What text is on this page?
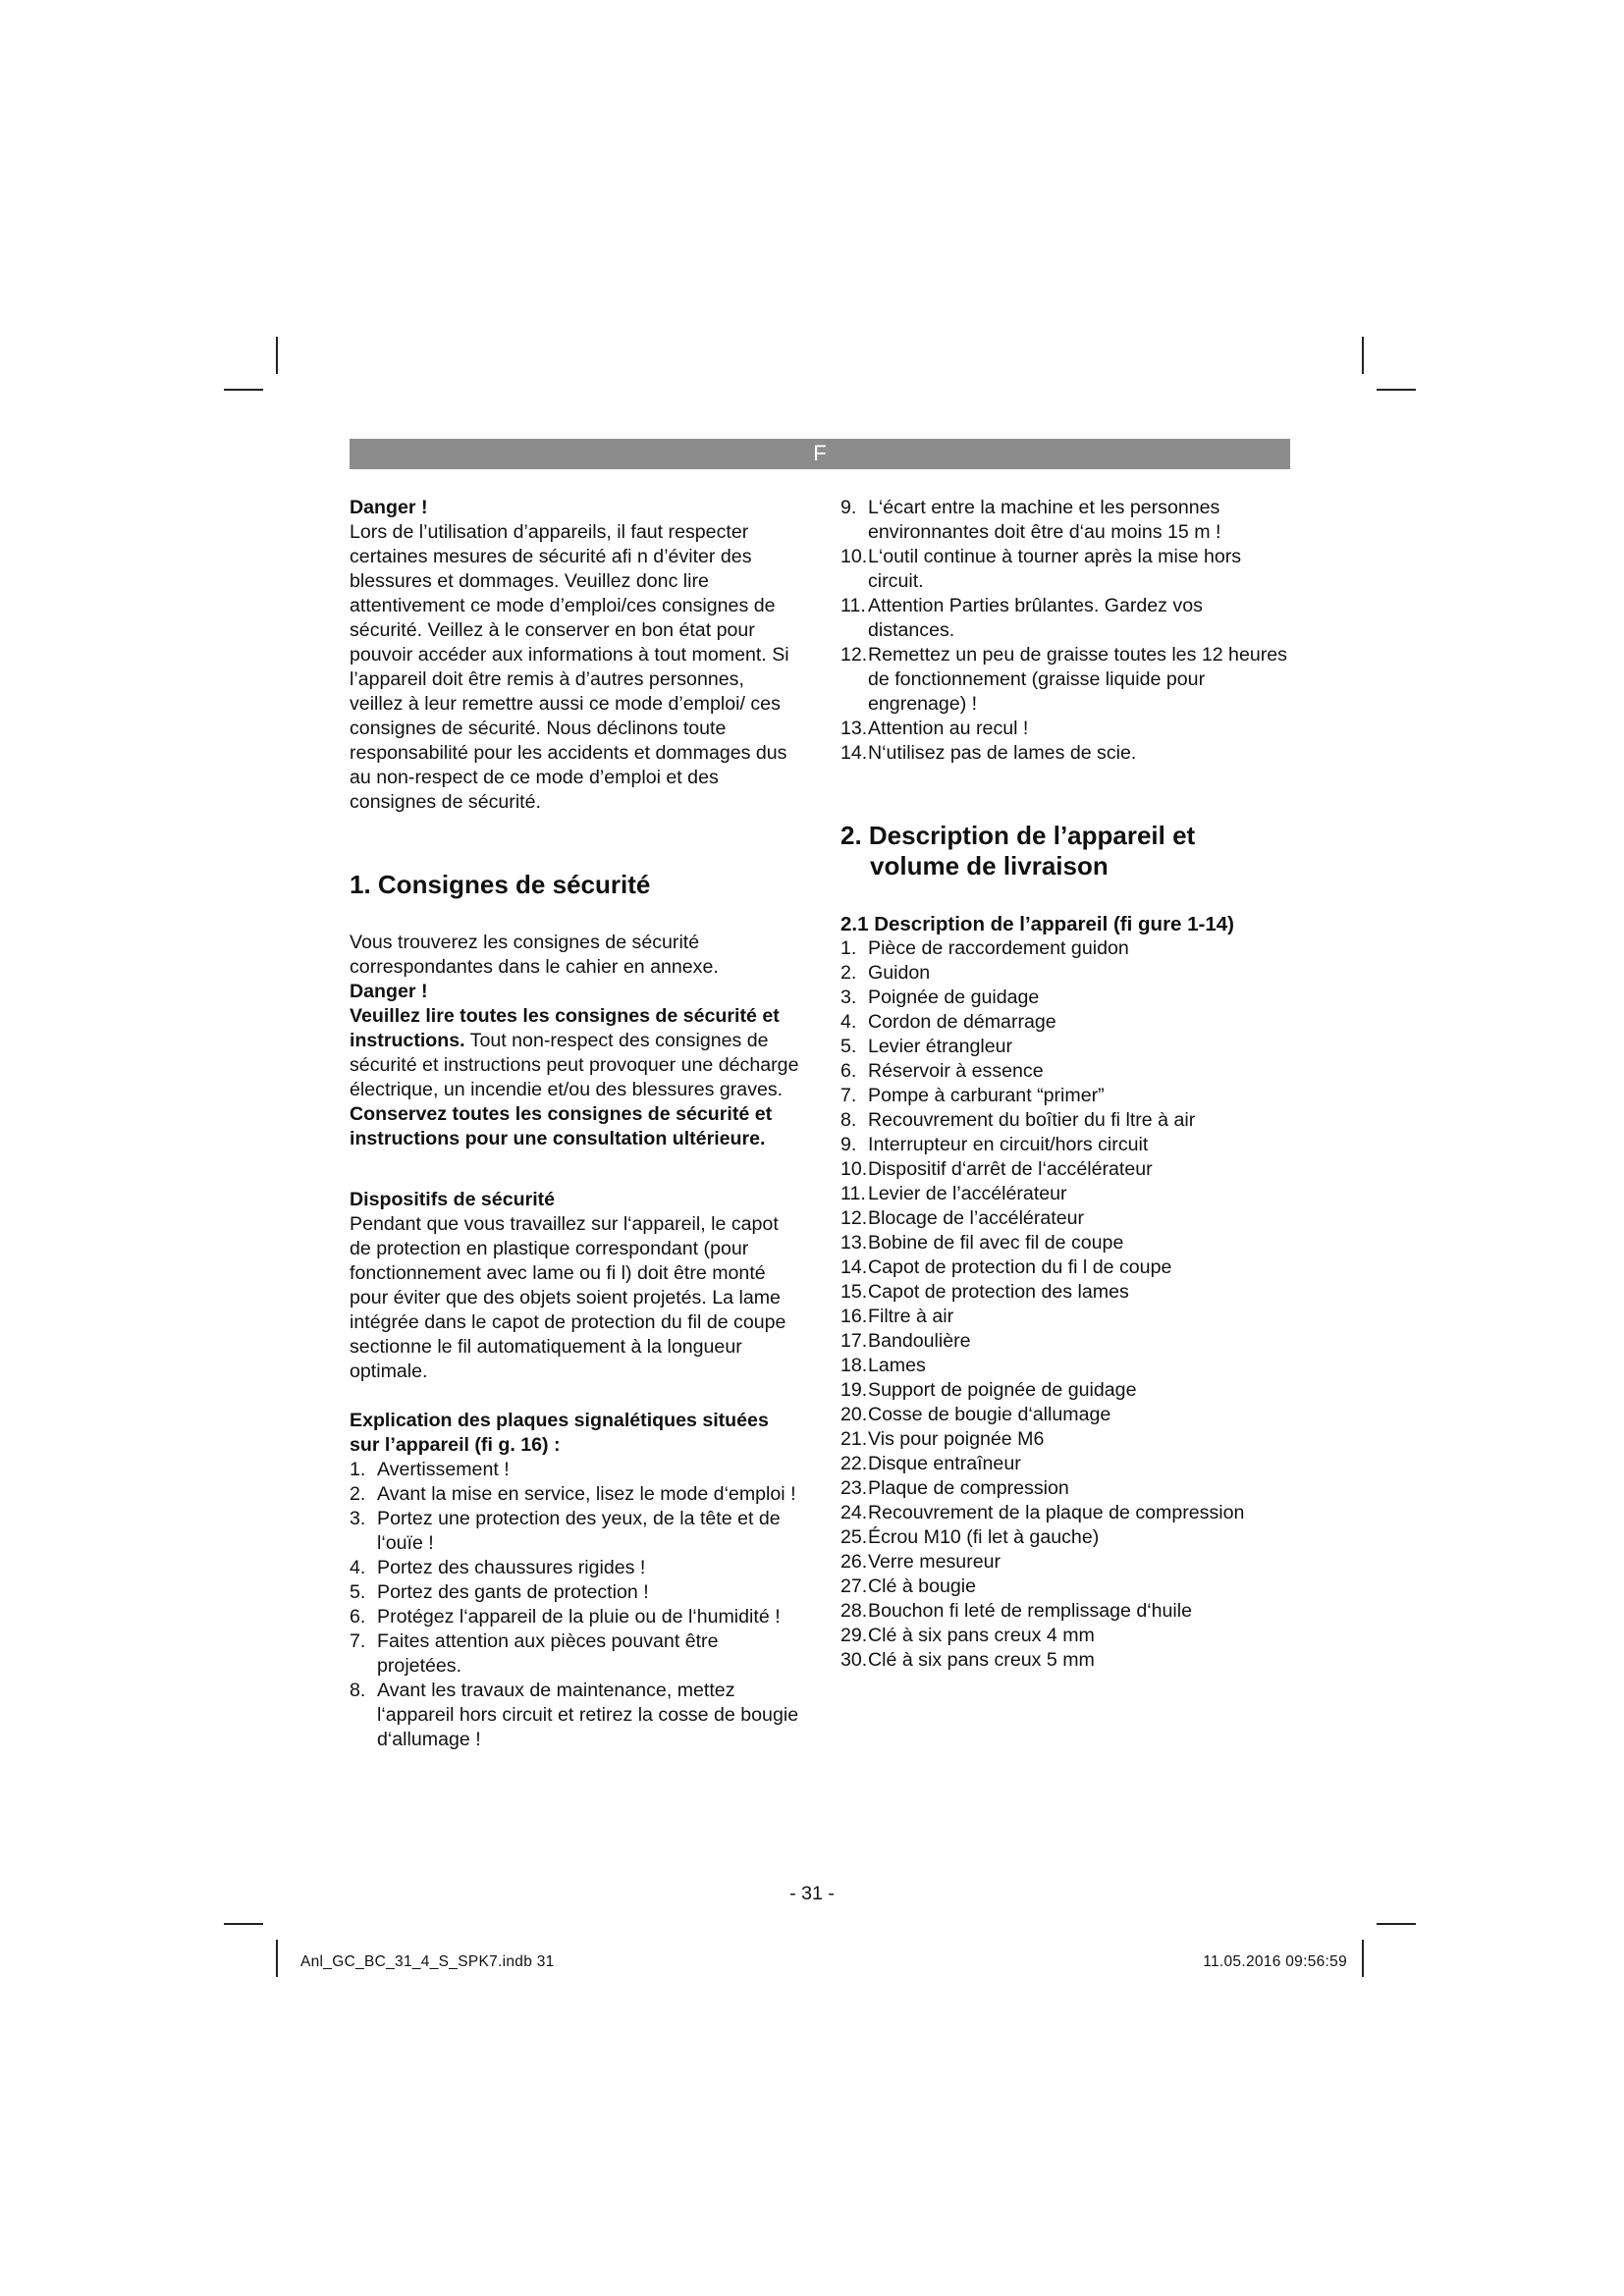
F

Danger !

Lors de l’utilisation d’appareils, il faut respecter certaines mesures de sécurité afi n d’éviter des blessures et dommages. Veuillez donc lire attentivement ce mode d’emploi/ces consignes de sécurité. Veillez à le conserver en bon état pour pouvoir accéder aux informations à tout moment. Si l’appareil doit être remis à d’autres personnes, veillez à leur remettre aussi ce mode d’emploi/ ces consignes de sécurité. Nous déclinons toute responsabilité pour les accidents et dommages dus au non-respect de ce mode d’emploi et des consignes de sécurité.

1. Consignes de sécurité

Vous trouverez les consignes de sécurité correspondantes dans le cahier en annexe.

Danger !

Veuillez lire toutes les consignes de sécurité et instructions. Tout non-respect des consignes de sécurité et instructions peut provoquer une décharge électrique, un incendie et/ou des blessures graves.

Conservez toutes les consignes de sécurité et instructions pour une consultation ultérieure.

Dispositifs de sécurité

Pendant que vous travaillez sur l‘appareil, le capot de protection en plastique correspondant (pour fonctionnement avec lame ou fi l) doit être monté pour éviter que des objets soient projetés. La lame intégrée dans le capot de protection du fil de coupe sectionne le fil automatiquement à la longueur optimale.

Explication des plaques signalétiques situées sur l’appareil (fi g. 16) :

1. Avertissement !
2. Avant la mise en service, lisez le mode d‘emploi !
3. Portez une protection des yeux, de la tête et de l‘ouïe !
4. Portez des chaussures rigides !
5. Portez des gants de protection !
6. Protégez l‘appareil de la pluie ou de l‘humidité !
7. Faites attention aux pièces pouvant être projetées.
8. Avant les travaux de maintenance, mettez l‘appareil hors circuit et retirez la cosse de bougie d‘allumage !
9. L‘écart entre la machine et les personnes environnantes doit être d‘au moins 15 m !
10.L‘outil continue à tourner après la mise hors circuit.
11. Attention Parties brûlantes. Gardez vos distances.
12.Remettez un peu de graisse toutes les 12 heures de fonctionnement (graisse liquide pour engrenage) !
13.Attention au recul !
14.N‘utilisez pas de lames de scie.

2. Description de l’appareil et
volume de livraison

2.1 Description de l’appareil (fi gure 1-14)

1. Pièce de raccordement guidon
2. Guidon
3. Poignée de guidage
4. Cordon de démarrage
5. Levier étrangleur
6. Réservoir à essence
7. Pompe à carburant “primer”
8. Recouvrement du boîtier du fi ltre à air
9. Interrupteur en circuit/hors circuit
10. Dispositif d‘arrêt de l‘accélérateur
11. Levier de l’accélérateur
12. Blocage de l’accélérateur
13. Bobine de fil avec fil de coupe
14. Capot de protection du fi l de coupe
15. Capot de protection des lames
16. Filtre à air
17. Bandoulière
18. Lames
19. Support de poignée de guidage
20. Cosse de bougie d‘allumage
21. Vis pour poignée M6
22. Disque entraîneur
23. Plaque de compression
24. Recouvrement de la plaque de compression
25. Écrou M10 (fi let à gauche)
26. Verre mesureur
27. Clé à bougie
28. Bouchon fi leté de remplissage d‘huile
29. Clé à six pans creux 4 mm
30. Clé à six pans creux 5 mm
- 31 -
Anl_GC_BC_31_4_S_SPK7.indb 31	11.05.2016 09:56:59
